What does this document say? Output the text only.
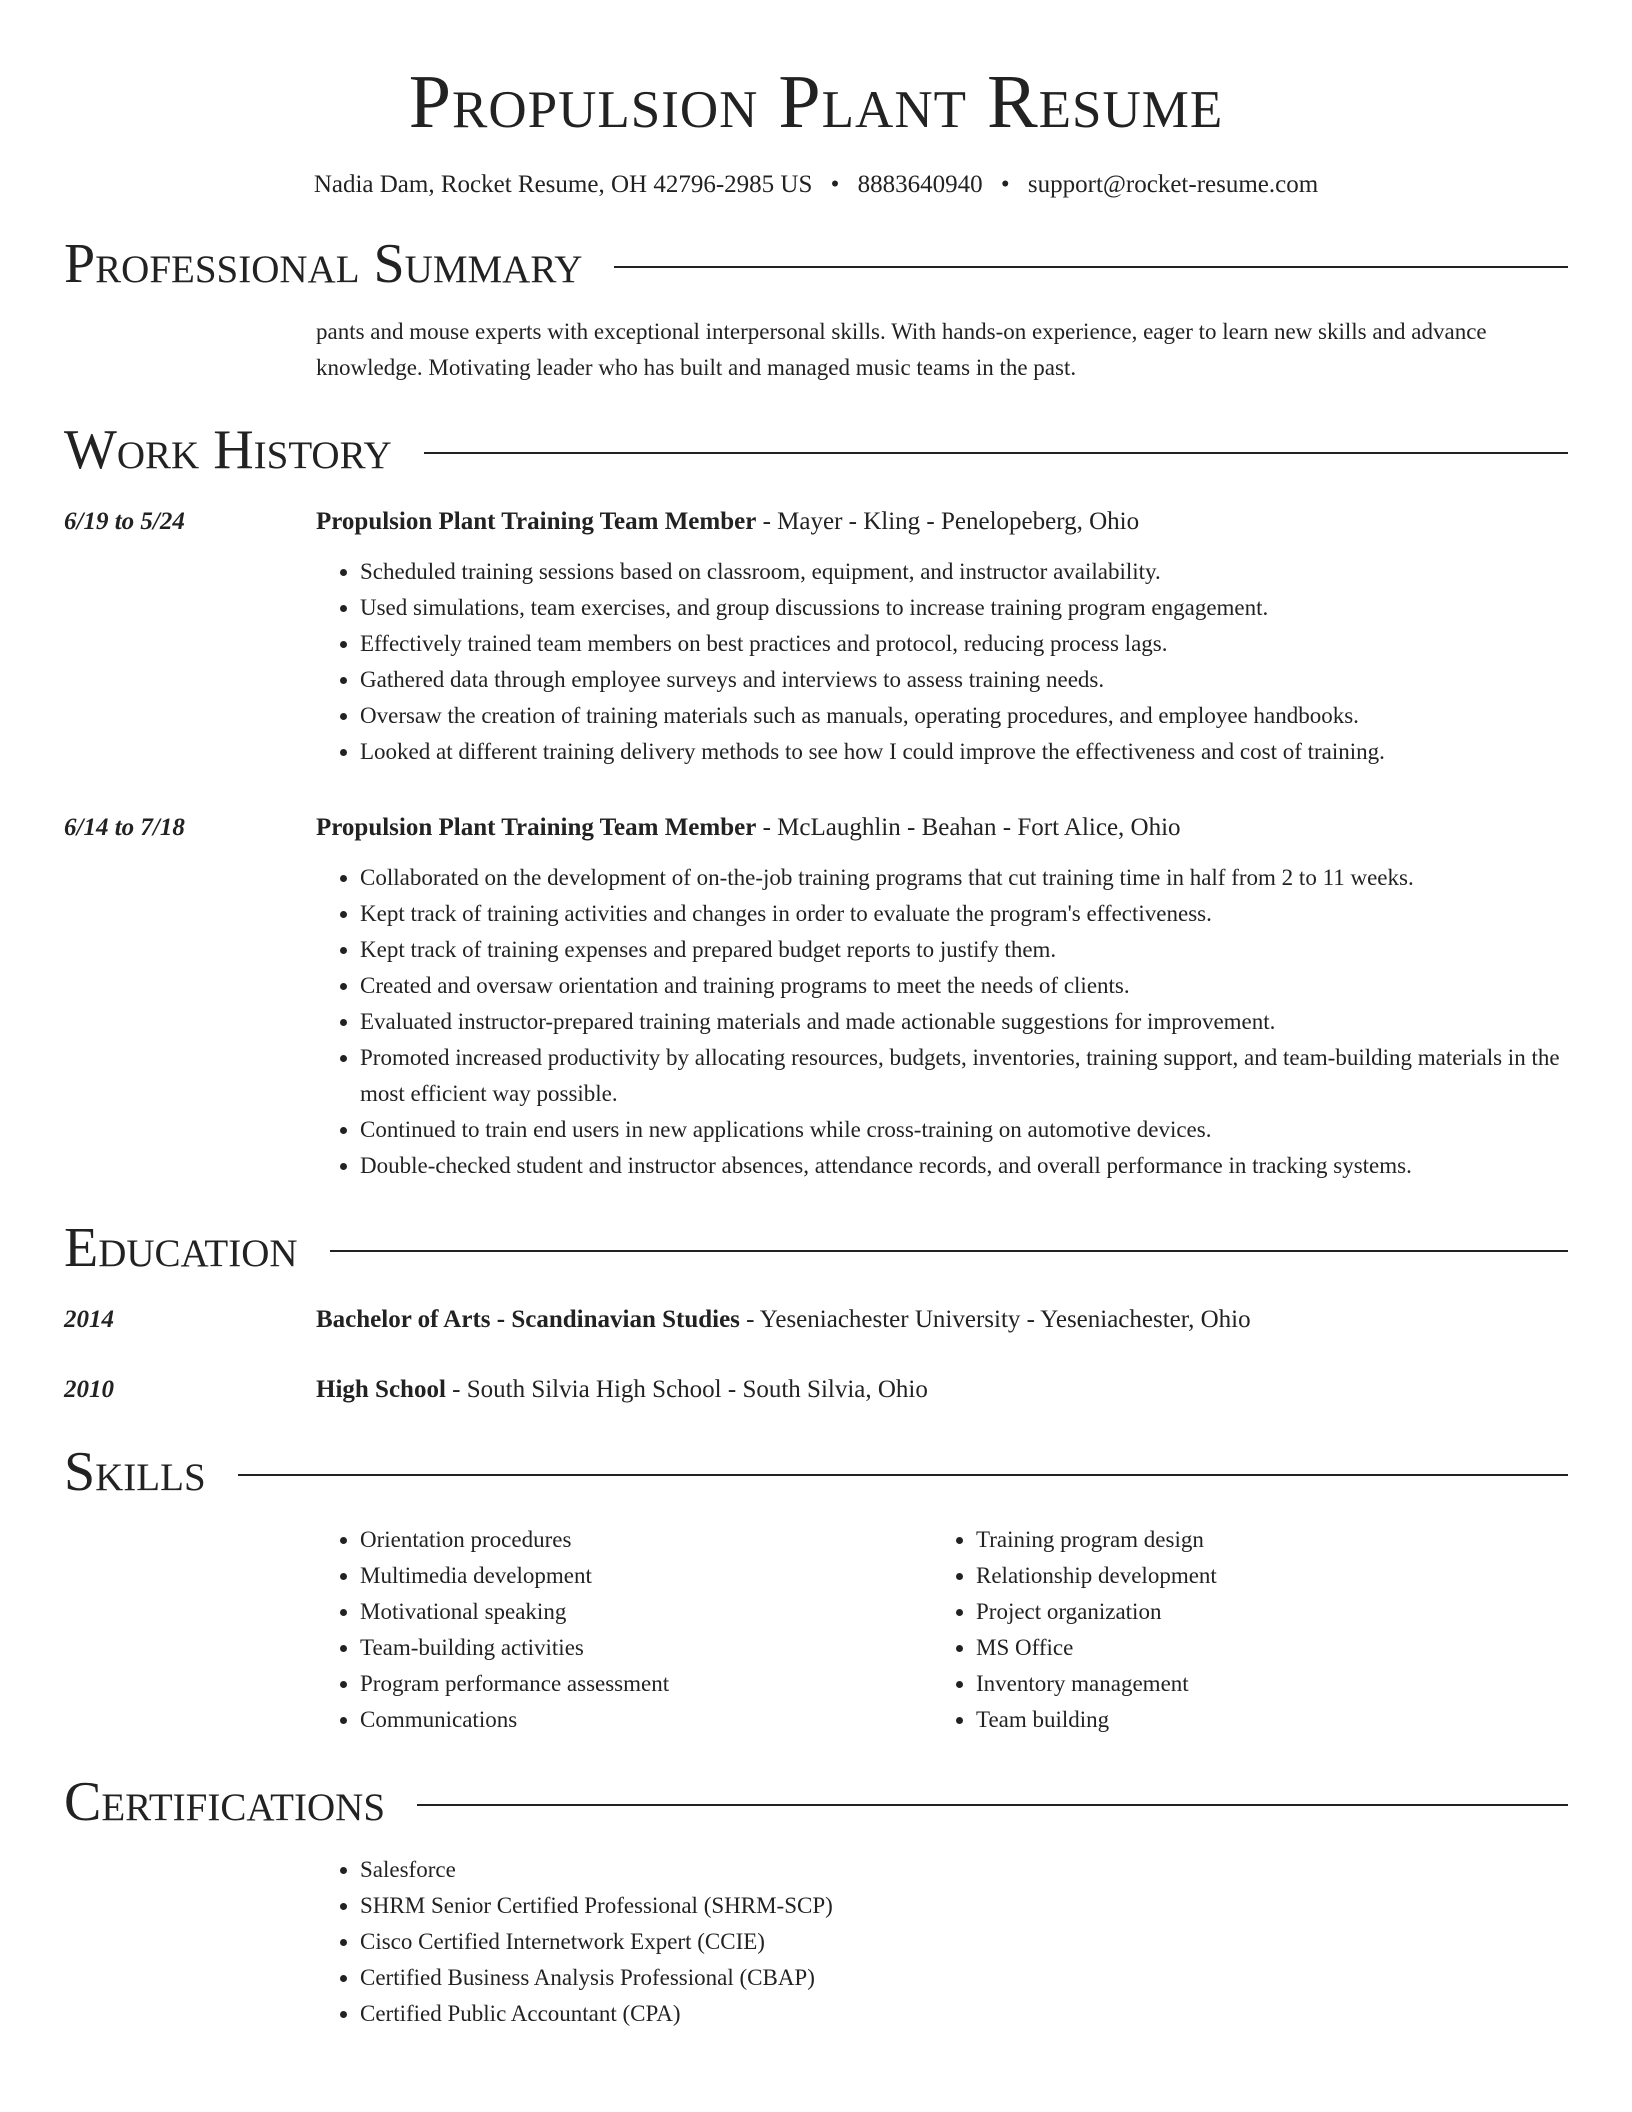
Propulsion Plant Resume
Nadia Dam, Rocket Resume, OH 42796-2985 US • 8883640940 • support@rocket-resume.com
Professional Summary
pants and mouse experts with exceptional interpersonal skills. With hands-on experience, eager to learn new skills and advance knowledge. Motivating leader who has built and managed music teams in the past.
Work History
6/19 to 5/24	Propulsion Plant Training Team Member - Mayer - Kling - Penelopeberg, Ohio
• Scheduled training sessions based on classroom, equipment, and instructor availability.
• Used simulations, team exercises, and group discussions to increase training program engagement.
• Effectively trained team members on best practices and protocol, reducing process lags.
• Gathered data through employee surveys and interviews to assess training needs.
• Oversaw the creation of training materials such as manuals, operating procedures, and employee handbooks.
• Looked at different training delivery methods to see how I could improve the effectiveness and cost of training.
6/14 to 7/18	Propulsion Plant Training Team Member - McLaughlin - Beahan - Fort Alice, Ohio
• Collaborated on the development of on-the-job training programs that cut training time in half from 2 to 11 weeks.
• Kept track of training activities and changes in order to evaluate the program's effectiveness.
• Kept track of training expenses and prepared budget reports to justify them.
• Created and oversaw orientation and training programs to meet the needs of clients.
• Evaluated instructor-prepared training materials and made actionable suggestions for improvement.
• Promoted increased productivity by allocating resources, budgets, inventories, training support, and team-building materials in the most efficient way possible.
• Continued to train end users in new applications while cross-training on automotive devices.
• Double-checked student and instructor absences, attendance records, and overall performance in tracking systems.
Education
2014	Bachelor of Arts - Scandinavian Studies - Yeseniachester University - Yeseniachester, Ohio
2010	High School - South Silvia High School - South Silvia, Ohio
Skills
• Orientation procedures
• Multimedia development
• Motivational speaking
• Team-building activities
• Program performance assessment
• Communications
• Training program design
• Relationship development
• Project organization
• MS Office
• Inventory management
• Team building
Certifications
• Salesforce
• SHRM Senior Certified Professional (SHRM-SCP)
• Cisco Certified Internetwork Expert (CCIE)
• Certified Business Analysis Professional (CBAP)
• Certified Public Accountant (CPA)
